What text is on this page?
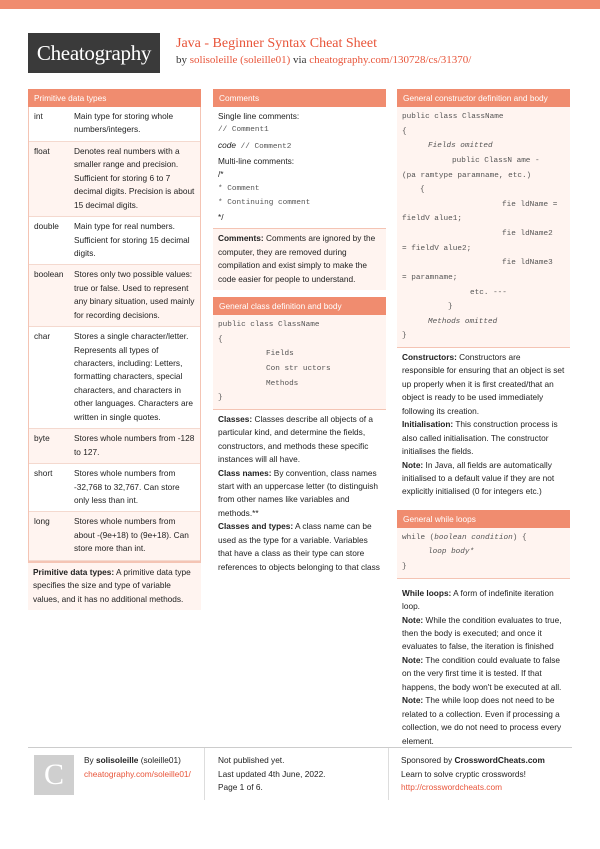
Cheatography	Java - Beginner Syntax Cheat Sheet
by solisoleille (soleille01) via cheatography.com/130728/cs/31370/
Primitive data types
int	Main type for storing whole numbers/integers.
float	Denotes real numbers with a smaller range and precision. Sufficient for storing 6 to 7 decimal digits. Precision is about 15 decimal digits.
double	Main type for real numbers. Sufficient for storing 15 decimal digits.
boolean	Stores only two possible values: true or false. Used to represent any binary situation, used mainly for recording decisions.
char	Stores a single character/letter. Represents all types of characters, including: Letters, formatting characters, special characters, and characters in other languages. Characters are written in single quotes.
byte	Stores whole numbers from -128 to 127.
short	Stores whole numbers from -32,768 to 32,767. Can store only less than int.
long	Stores whole numbers from about -(9e+18) to (9e+18). Can store more than int.
Primitive data types: A primitive data type specifies the size and type of variable values, and it has no additional methods.
Comments
Single line comments:
// Comment1
code // Comment2
Multi-line comments:
/*
* Comment
* Continuing comment
*/
Comments: Comments are ignored by the computer, they are removed during compilation and exist simply to make the code easier for people to understand.
General class definition and body
public class ClassName
{
Fields
Con str uctors
Methods
}
Classes: Classes describe all objects of a particular kind, and determine the fields, constructors, and methods these specific instances will all have.
Class names: By convention, class names start with an uppercase letter (to distinguish from other names like variables and methods.**
Classes and types: A class name can be used as the type for a variable. Variables that have a class as their type can store references to objects belonging to that class
General constructor definition and body
public class ClassName
{
Fields omitted
public ClassN ame -
(pa ramtype paramname, etc.)
{
fie ldName =
fieldV alue1;
fie ldName2
= fieldV alue2;
fie ldName3
= paramname;
etc. ---
}
Methods omitted
}
Constructors: Constructors are responsible for ensuring that an object is set up properly when it is first created/that an object is ready to be used immediately following its creation.
Initialisation: This construction process is also called initialisation. The constructor initialises the fields.
Note: In Java, all fields are automatically initialised to a default value if they are not explicitly initialised (0 for integers etc.)
General while loops
while (boolean condition) {
loop body*
}
While loops: A form of indefinite iteration loop.
Note: While the condition evaluates to true, then the body is executed; and once it evaluates to false, the iteration is finished
Note: The condition could evaluate to false on the very first time it is tested. If that happens, the body won't be executed at all.
Note: The while loop does not need to be related to a collection. Even if processing a collection, we do not need to process every element.
C	By solisoleille (soleille01)
cheatography.com/soleille01/
Not published yet.
Last updated 4th June, 2022.
Page 1 of 6.
Sponsored by CrosswordCheats.com
Learn to solve cryptic crosswords!
http://crosswordcheats.com
